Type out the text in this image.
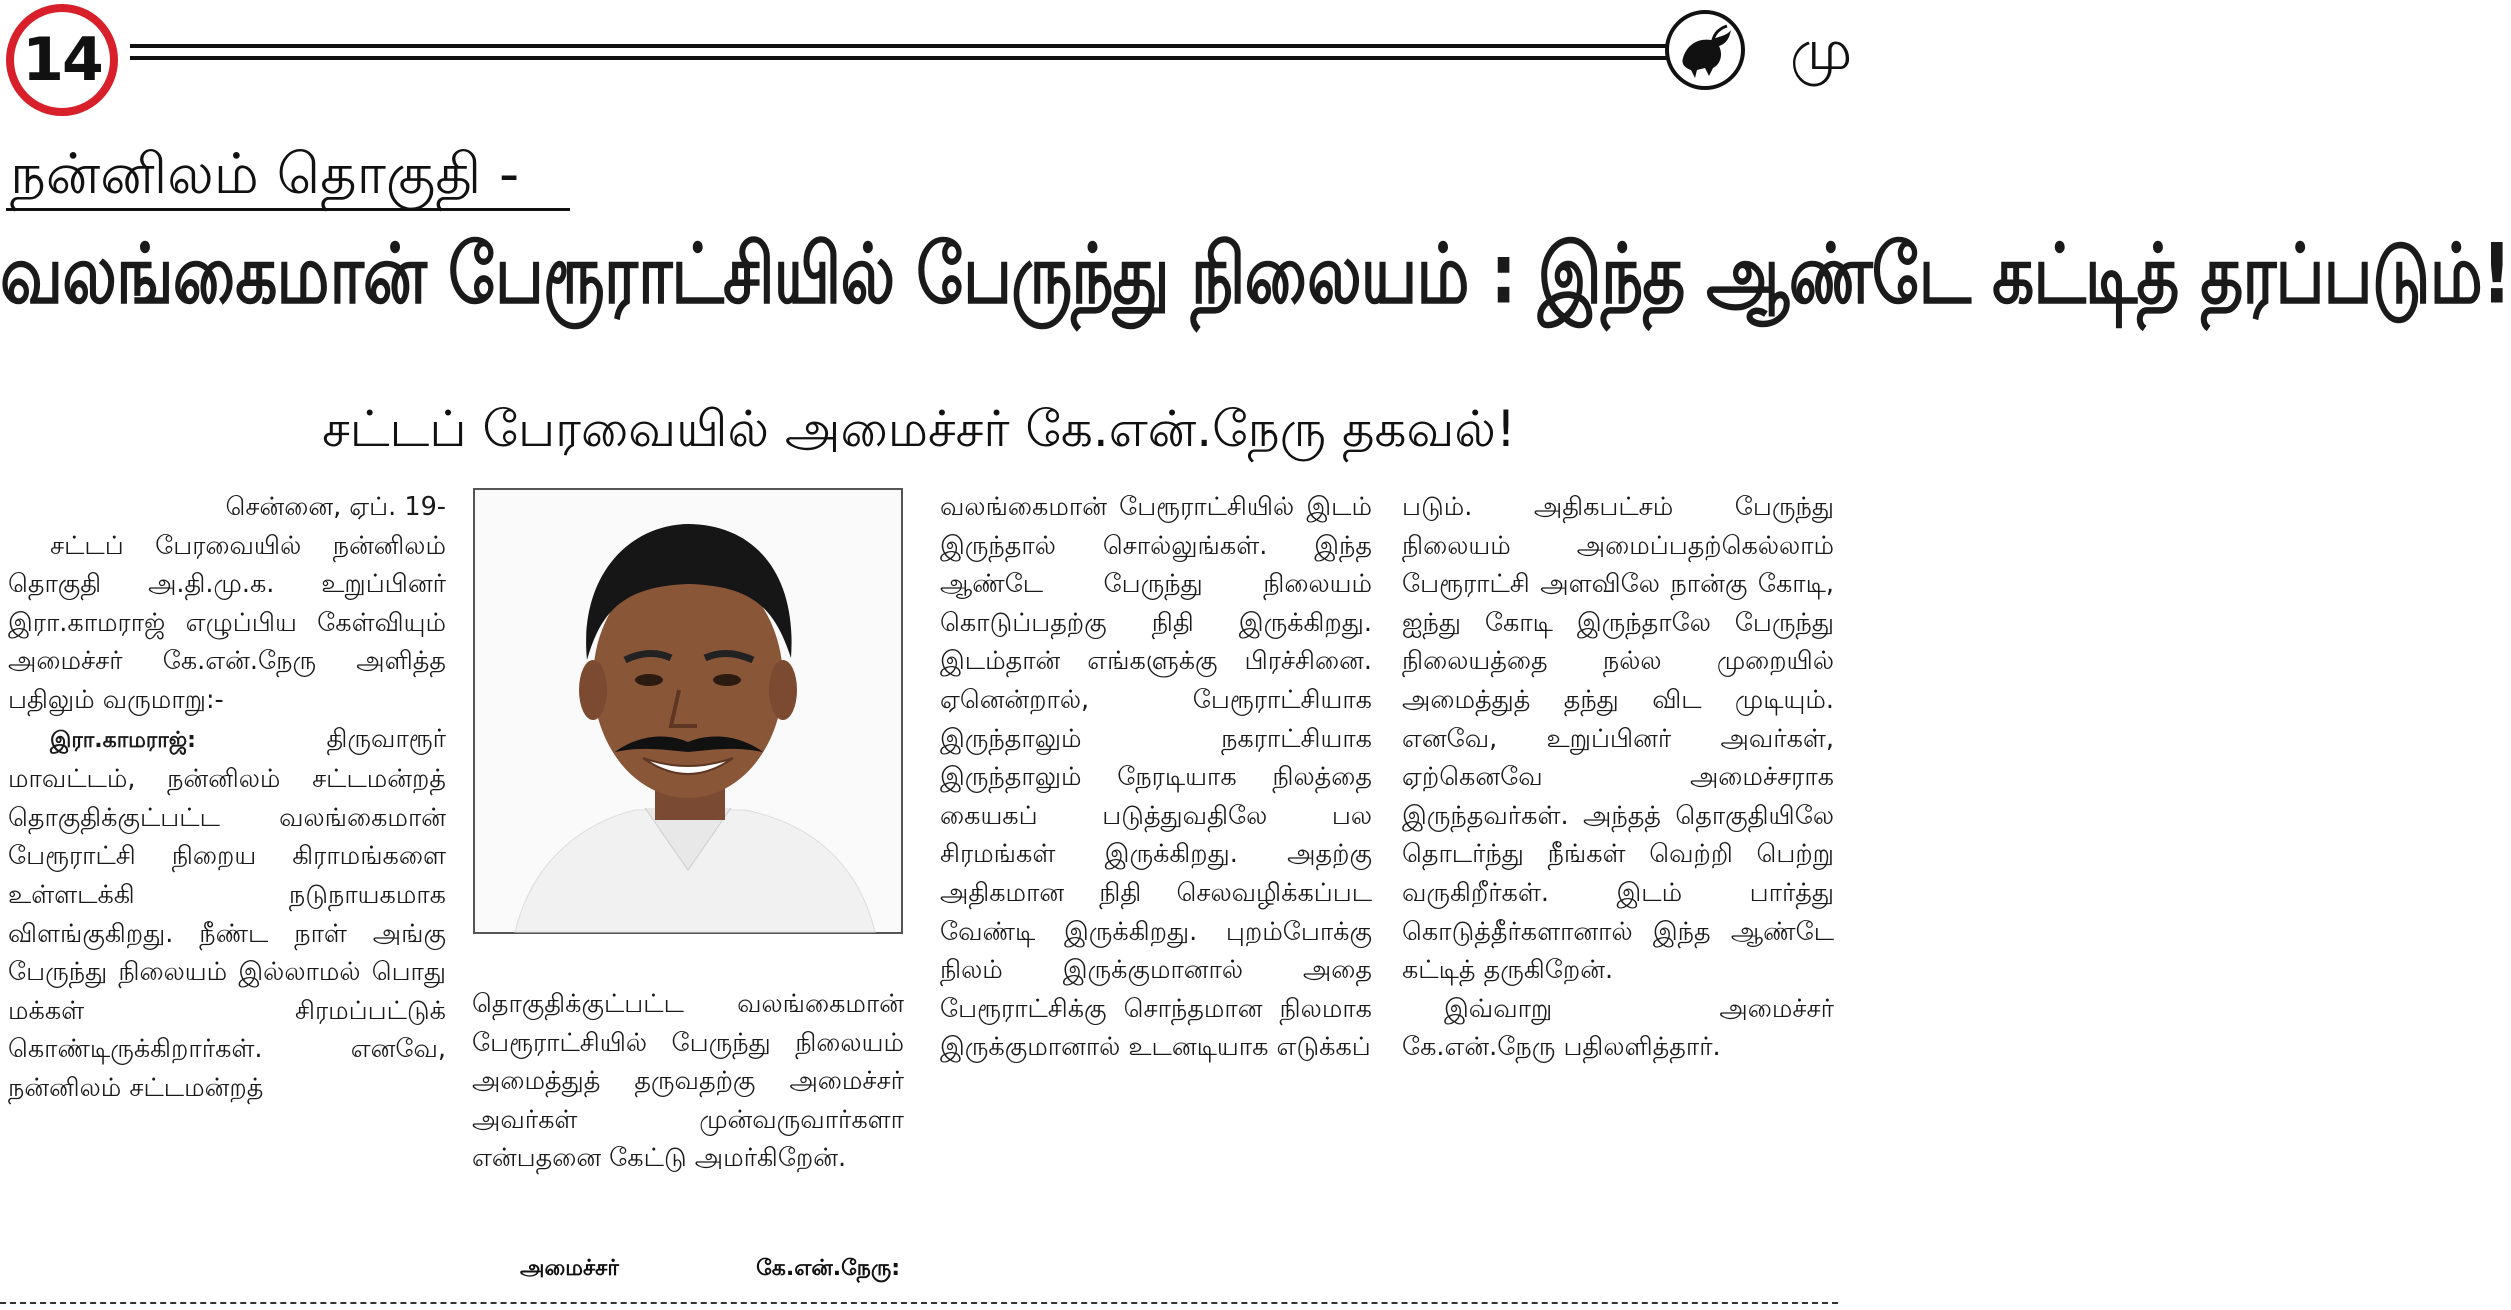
14	மு
நன்னிலம் தொகுதி -
வலங்கைமான் பேரூராட்சியில் பேருந்து நிலையம் : இந்த ஆண்டே கட்டித் தரப்படும்!
சட்டப் பேரவையில் அமைச்சர் கே.என்.நேரு தகவல்!
சென்னை, ஏப். 19-

சட்டப் பேரவையில் நன்னிலம் தொகுதி அ.தி.மு.க. உறுப்பினர் இரா.காமராஜ் எழுப்பிய கேள்வியும் அமைச்சர் கே.என்.நேரு அளித்த பதிலும் வருமாறு:-

இரா.காமராஜ்:	திருவாரூர் மாவட்டம், நன்னிலம் சட்டமன்றத் தொகுதிக்குட்பட்ட வலங்கைமான் பேரூராட்சி நிறைய கிராமங்களை உள்ளடக்கி நடுநாயகமாக விளங்குகிறது. நீண்ட நாள் அங்கு பேருந்து நிலையம் இல்லாமல் பொது மக்கள் சிரமப்பட்டுக் கொண்டிருக்கிறார்கள். எனவே, நன்னிலம் சட்டமன்றத்

தொகுதிக்குட்பட்ட வலங்கைமான் பேரூராட்சியில் பேருந்து நிலையம் அமைத்துத் தருவதற்கு அமைச்சர் அவர்கள் முன்வருவார்களா என்பதனை கேட்டு அமர்கிறேன்.

அமைச்சர்	கே.என்.நேரு:

வலங்கைமான் பேரூராட்சியில் இடம் இருந்தால் சொல்லுங்கள். இந்த ஆண்டே பேருந்து நிலையம் கொடுப்பதற்கு நிதி இருக்கிறது. இடம்தான் எங்களுக்கு பிரச்சினை. ஏனென்றால், பேரூராட்சியாக இருந்தாலும் நகராட்சியாக இருந்தாலும் நேரடியாக நிலத்தை கையகப் படுத்துவதிலே பல சிரமங்கள் இருக்கிறது. அதற்கு அதிகமான நிதி செலவழிக்கப்பட வேண்டி இருக்கிறது. புறம்போக்கு நிலம் இருக்குமானால் அதை பேரூராட்சிக்கு சொந்தமான நிலமாக இருக்குமானால் உடனடியாக எடுக்கப்

படும். அதிகபட்சம் பேருந்து நிலையம் அமைப்பதற்கெல்லாம் பேரூராட்சி அளவிலே நான்கு கோடி, ஐந்து கோடி இருந்தாலே பேருந்து நிலையத்தை நல்ல முறையில் அமைத்துத் தந்து விட முடியும். எனவே, உறுப்பினர் அவர்கள், ஏற்கெனவே அமைச்சராக இருந்தவர்கள். அந்தத் தொகுதியிலே தொடர்ந்து நீங்கள் வெற்றி பெற்று வருகிறீர்கள். இடம் பார்த்து கொடுத்தீர்களானால் இந்த ஆண்டே கட்டித் தருகிறேன்.

இவ்வாறு அமைச்சர் கே.என்.நேரு பதிலளித்தார்.
